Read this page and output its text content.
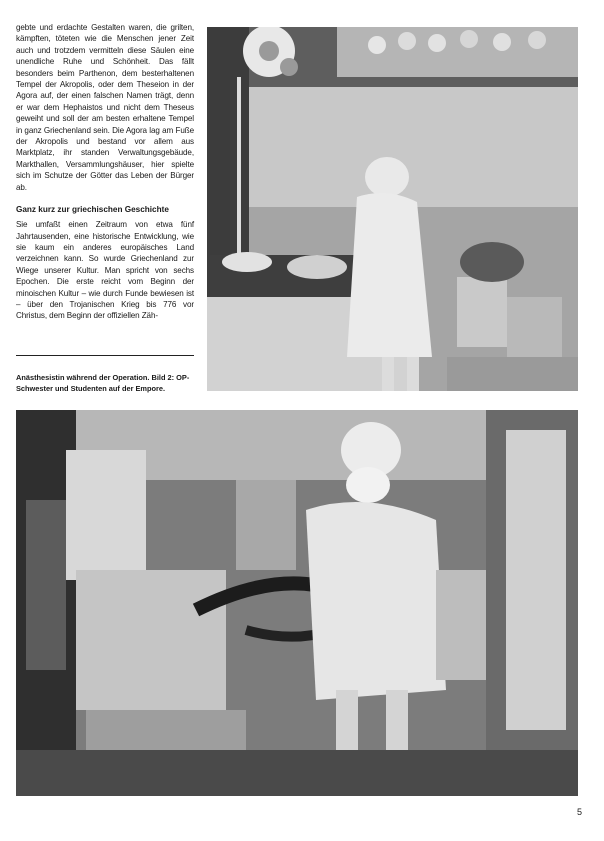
gebte und erdachte Gestalten waren, die grilten, kämpften, töteten wie die Menschen jener Zeit auch und trotzdem vermitteln diese Säulen eine unendliche Ruhe und Schönheit. Das fällt besonders beim Parthenon, dem besterhaltenen Tempel der Akropolis, oder dem Theseion in der Agora auf, der einen falschen Namen trägt, denn er war dem Hephaistos und nicht dem Theseus geweiht und soll der am besten erhaltene Tempel in ganz Griechenland sein. Die Agora lag am Fuße der Akropolis und bestand vor allem aus Marktplatz, ihr standen Verwaltungsgebäude, Markthallen, Versammlungshäuser, hier spielte sich im Schutze der Götter das Leben der Bürger ab.

Ganz kurz zur griechischen Geschichte

Sie umfaßt einen Zeitraum von etwa fünf Jahrtausenden, eine historische Entwicklung, wie sie kaum ein anderes europäisches Land verzeichnen kann. So wurde Griechenland zur Wiege unserer Kultur. Man spricht von sechs Epochen. Die erste reicht vom Beginn der minoischen Kultur – wie durch Funde bewiesen ist – über den Trojanischen Krieg bis 776 vor Christus, dem Beginn der offiziellen Zäh-

Anästhesistin während der Operation. Bild 2: OP-Schwester und Studenten auf der Empore.

5
